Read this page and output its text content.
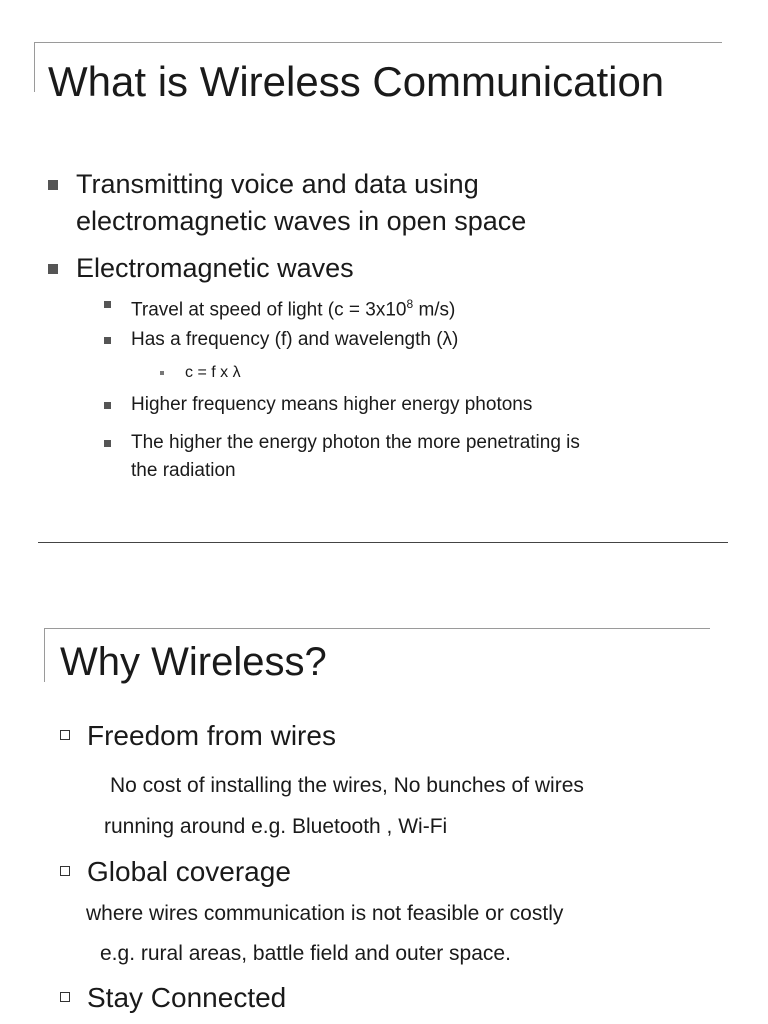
What is Wireless Communication
Transmitting voice and data using
electromagnetic waves in open space
Electromagnetic waves
Travel at speed of light ($c = 3x10^8$ m/s)
Has a frequency (f) and wavelength (λ)
c = f x λ
Higher frequency means higher energy photons
The higher the energy photon the more penetrating is
the radiation
Why Wireless?
Freedom from wires
No cost of installing the wires, No bunches of wires
running around e.g. Bluetooth , Wi-Fi
Global coverage
where wires communication is not feasible or costly
e.g. rural areas, battle field and outer space.
Stay Connected
